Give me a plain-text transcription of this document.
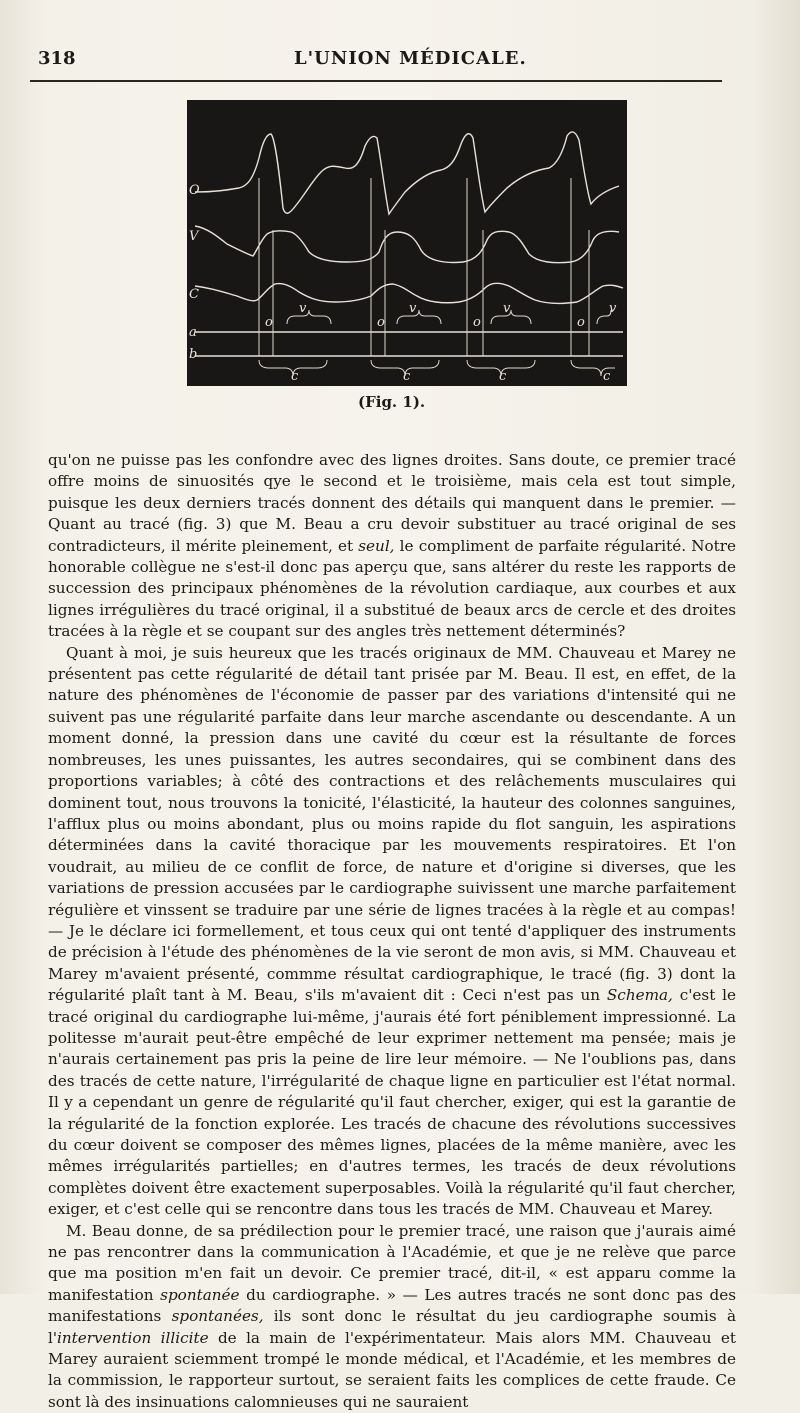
318	L'UNION MÉDICALE.
O
V
C
a
b
o
v
o
v
o
v
o
v
c	c	c	c
(Fig. 1).

qu'on ne puisse pas les confondre avec des lignes droites. Sans doute, ce premier tracé offre moins de sinuosités qye le second et le troisième, mais cela est tout simple, puisque les deux derniers tracés donnent des détails qui manquent dans le premier. — Quant au tracé (fig. 3) que M. Beau a cru devoir substituer au tracé original de ses contradicteurs, il mérite pleinement, et seul, le compliment de parfaite régularité. Notre honorable collègue ne s'est-il donc pas aperçu que, sans altérer du reste les rapports de succession des principaux phénomènes de la révolution cardiaque, aux courbes et aux lignes irrégulières du tracé original, il a substitué de beaux arcs de cercle et des droites tracées à la règle et se coupant sur des angles très nettement déterminés?

Quant à moi, je suis heureux que les tracés originaux de MM. Chauveau et Marey ne présentent pas cette régularité de détail tant prisée par M. Beau. Il est, en effet, de la nature des phénomènes de l'économie de passer par des variations d'intensité qui ne suivent pas une régularité parfaite dans leur marche ascendante ou descendante. A un moment donné, la pression dans une cavité du cœur est la résultante de forces nombreuses, les unes puissantes, les autres secondaires, qui se combinent dans des proportions variables; à côté des contractions et des relâchements musculaires qui dominent tout, nous trouvons la tonicité, l'élasticité, la hauteur des colonnes sanguines, l'afflux plus ou moins abondant, plus ou moins rapide du flot sanguin, les aspirations déterminées dans la cavité thoracique par les mouvements respiratoires. Et l'on voudrait, au milieu de ce conflit de force, de nature et d'origine si diverses, que les variations de pression accusées par le cardiographe suivissent une marche parfaitement régulière et vinssent se traduire par une série de lignes tracées à la règle et au compas! — Je le déclare ici formellement, et tous ceux qui ont tenté d'appliquer des instruments de précision à l'étude des phénomènes de la vie seront de mon avis, si MM. Chauveau et Marey m'avaient présenté, commme résultat cardiographique, le tracé (fig. 3) dont la régularité plaît tant à M. Beau, s'ils m'avaient dit : Ceci n'est pas un Schema, c'est le tracé original du cardiographe lui-même, j'aurais été fort péniblement impressionné. La politesse m'aurait peut-être empêché de leur exprimer nettement ma pensée; mais je n'aurais certainement pas pris la peine de lire leur mémoire. — Ne l'oublions pas, dans des tracés de cette nature, l'irrégularité de chaque ligne en particulier est l'état normal. Il y a cependant un genre de régularité qu'il faut chercher, exiger, qui est la garantie de la régularité de la fonction explorée. Les tracés de chacune des révolutions successives du cœur doivent se composer des mêmes lignes, placées de la même manière, avec les mêmes irrégularités partielles; en d'autres termes, les tracés de deux révolutions complètes doivent être exactement superposables. Voilà la régularité qu'il faut chercher, exiger, et c'est celle qui se rencontre dans tous les tracés de MM. Chauveau et Marey.

M. Beau donne, de sa prédilection pour le premier tracé, une raison que j'aurais aimé ne pas rencontrer dans la communication à l'Académie, et que je ne relève que parce que ma position m'en fait un devoir. Ce premier tracé, dit-il, « est apparu comme la manifestation spontanée du cardiographe. » — Les autres tracés ne sont donc pas des manifestations spontanées, ils sont donc le résultat du jeu cardiographe soumis à l'intervention illicite de la main de l'expérimentateur. Mais alors MM. Chauveau et Marey auraient sciemment trompé le monde médical, et l'Académie, et les membres de la commission, le rapporteur surtout, se seraient faits les complices de cette fraude. Ce sont là des insinuations calomnieuses qui ne sauraient
